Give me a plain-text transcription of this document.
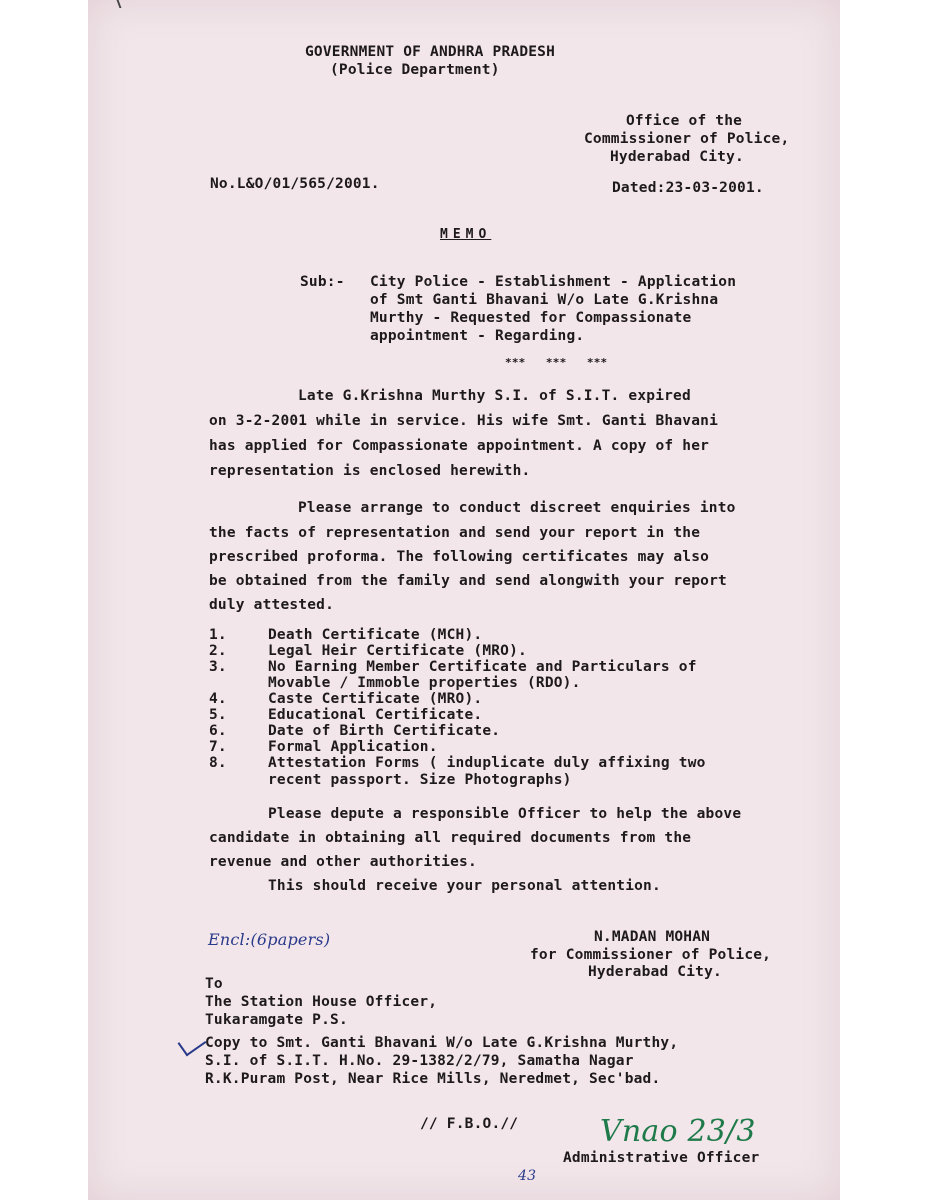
GOVERNMENT OF ANDHRA PRADESH
(Police Department)
Office of the
Commissioner of Police,
Hyderabad City.
No.L&O/01/565/2001.	Dated:23-03-2001.
MEMO
Sub:- City Police - Establishment - Application
of Smt Ganti Bhavani W/o Late G.Krishna
Murthy - Requested for Compassionate
appointment - Regarding.
***   ***   ***
Late G.Krishna Murthy S.I. of S.I.T. expired
on 3-2-2001 while in service. His wife Smt. Ganti Bhavani
has applied for Compassionate appointment. A copy of her
representation is enclosed herewith.
Please arrange to conduct discreet enquiries into
the facts of representation and send your report in the
prescribed proforma. The following certificates may also
be obtained from the family and send alongwith your report
duly attested.
1.	Death Certificate (MCH).
2.	Legal Heir Certificate (MRO).
3.	No Earning Member Certificate and Particulars of
Movable / Immoble properties (RDO).
4.	Caste Certificate (MRO).
5.	Educational Certificate.
6.	Date of Birth Certificate.
7.	Formal Application.
8.	Attestation Forms ( induplicate duly affixing two
recent passport. Size Photographs)
Please depute a responsible Officer to help the above
candidate in obtaining all required documents from the
revenue and other authorities.
This should receive your personal attention.
Encl:(6papers)	N.MADAN MOHAN
for Commissioner of Police,
Hyderabad City.
To
The Station House Officer,
Tukaramgate P.S.
Copy to Smt. Ganti Bhavani W/o Late G.Krishna Murthy,
S.I. of S.I.T. H.No. 29-1382/2/79, Samatha Nagar
R.K.Puram Post, Near Rice Mills, Neredmet, Sec'bad.
// F.B.O.//	Vnao 23/3
Administrative Officer
43
